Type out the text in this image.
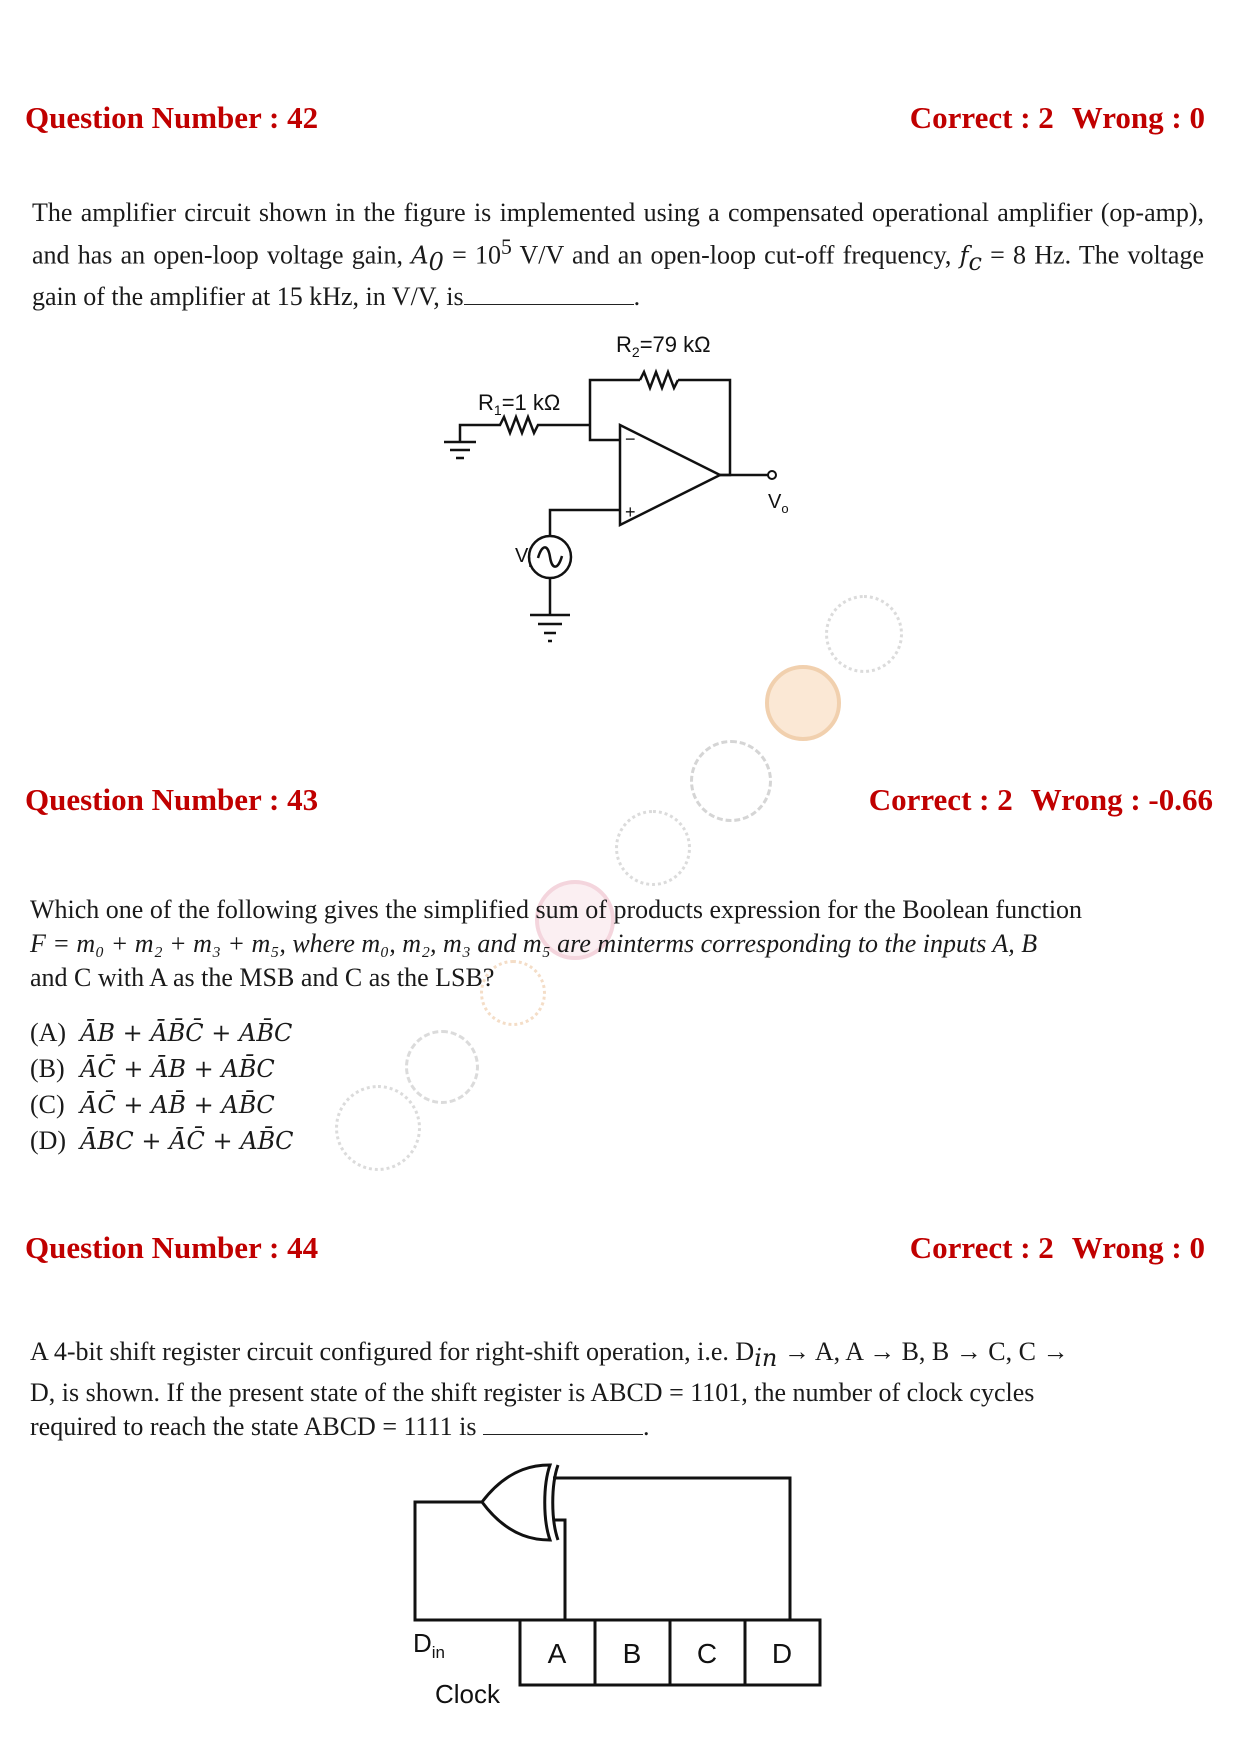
Question Number : 42	Correct : 2 Wrong : 0
The amplifier circuit shown in the figure is implemented using a compensated operational amplifier (op-amp), and has an open-loop voltage gain, $A_0 = 10^5$ V/V and an open-loop cut-off frequency, $f_c = 8$ Hz. The voltage gain of the amplifier at 15 kHz, in V/V, is	.
$R_2=79$ kΩ
$R_1=1$ kΩ
−
+
$V_i$
$V_o$
Question Number : 43	Correct : 2 Wrong : -0.66
Which one of the following gives the simplified sum of products expression for the Boolean function
F = m₀ + m₂ + m₃ + m₅, where m₀, m₂, m₃ and m₅ are minterms corresponding to the inputs A, B
and C with A as the MSB and C as the LSB?
(A) ĀB + ĀB̄C̄ + AB̄C
(B) ĀC̄ + ĀB + AB̄C
(C) ĀC̄ + AB̄ + AB̄C
(D) ĀBC + ĀC̄ + AB̄C
Question Number : 44	Correct : 2 Wrong : 0
A 4-bit shift register circuit configured for right-shift operation, i.e. $D_{in} \to A$, A → B, B → C, C →
D, is shown. If the present state of the shift register is ABCD = 1101, the number of clock cycles
required to reach the state ABCD = 1111 is	.
$D_{in}$
Clock
A B C D
